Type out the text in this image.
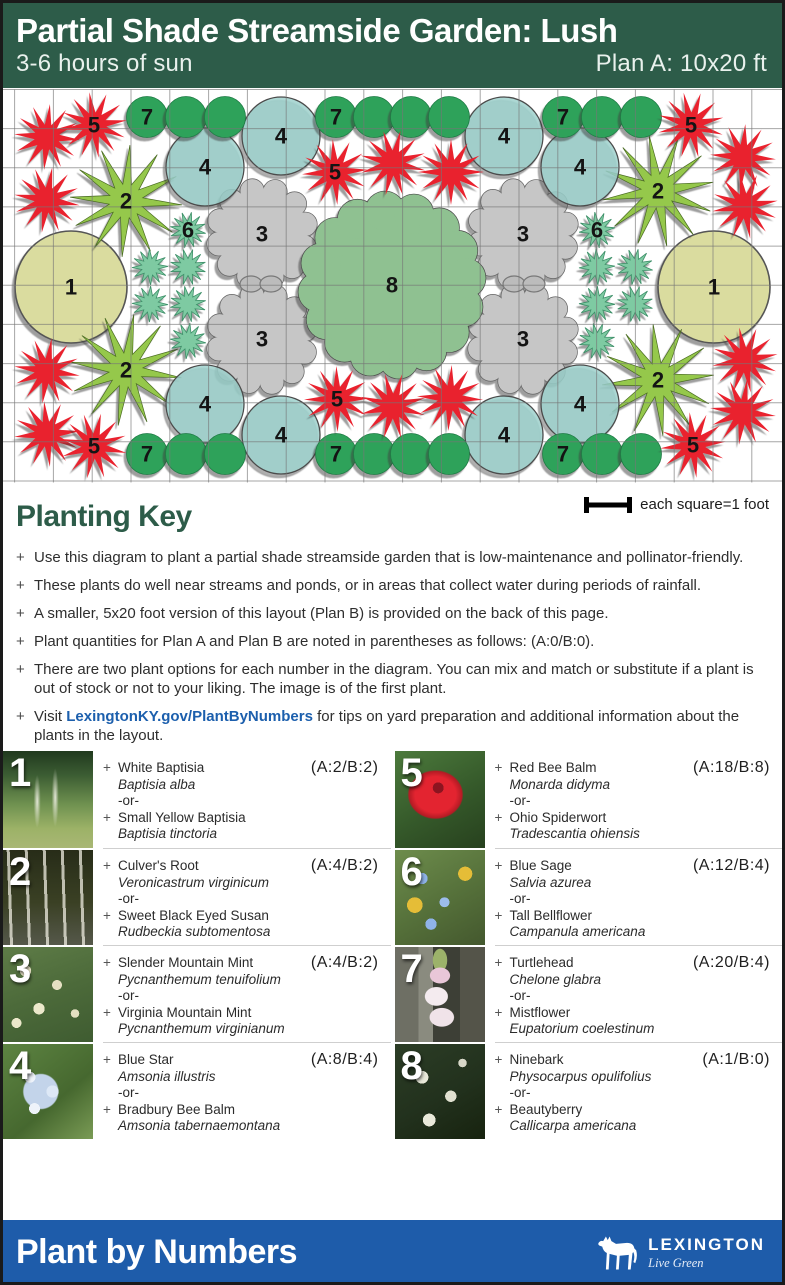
Partial Shade Streamside Garden: Lush
3-6 hours of sun	Plan A: 10x20 ft
1	1
2	2
2	2
3	3
3	3
8
4
4	4
4
4
4	4
4
7	7	7
7	7	7
6	6
5
5
5
5
5
5
Planting Key	each square=1 foot
+ Use this diagram to plant a partial shade streamside garden that is low-maintenance and pollinator-friendly.
+ These plants do well near streams and ponds, or in areas that collect water during periods of rainfall.
+ A smaller, 5x20 foot version of this layout (Plan B) is provided on the back of this page.
+ Plant quantities for Plan A and Plan B are noted in parentheses as follows: (A:0/B:0).
+ There are two plant options for each number in the diagram. You can mix and match or substitute if a plant is out of stock or not to your liking. The image is of the first plant.
+ Visit LexingtonKY.gov/PlantByNumbers for tips on yard preparation and additional information about the plants in the layout.
1	+ White Baptisia
Baptisia alba
-or-
+ Small Yellow Baptisia
Baptisia tinctoria
(A:2/B:2)
2	+ Culver's Root
Veronicastrum virginicum
-or-
+ Sweet Black Eyed Susan
Rudbeckia subtomentosa
(A:4/B:2)
3	+ Slender Mountain Mint
Pycnanthemum tenuifolium
-or-
+ Virginia Mountain Mint
Pycnanthemum virginianum
(A:4/B:2)
4	+ Blue Star
Amsonia illustris
-or-
+ Bradbury Bee Balm
Amsonia tabernaemontana
(A:8/B:4)
5	+ Red Bee Balm
Monarda didyma
-or-
+ Ohio Spiderwort
Tradescantia ohiensis
(A:18/B:8)
6	+ Blue Sage
Salvia azurea
-or-
+ Tall Bellflower
Campanula americana
(A:12/B:4)
7	+ Turtlehead
Chelone glabra
-or-
+ Mistflower
Eupatorium coelestinum
(A:20/B:4)
8	+ Ninebark
Physocarpus opulifolius
-or-
+ Beautyberry
Callicarpa americana
(A:1/B:0)
Plant by Numbers	LEXINGTON
Live Green
